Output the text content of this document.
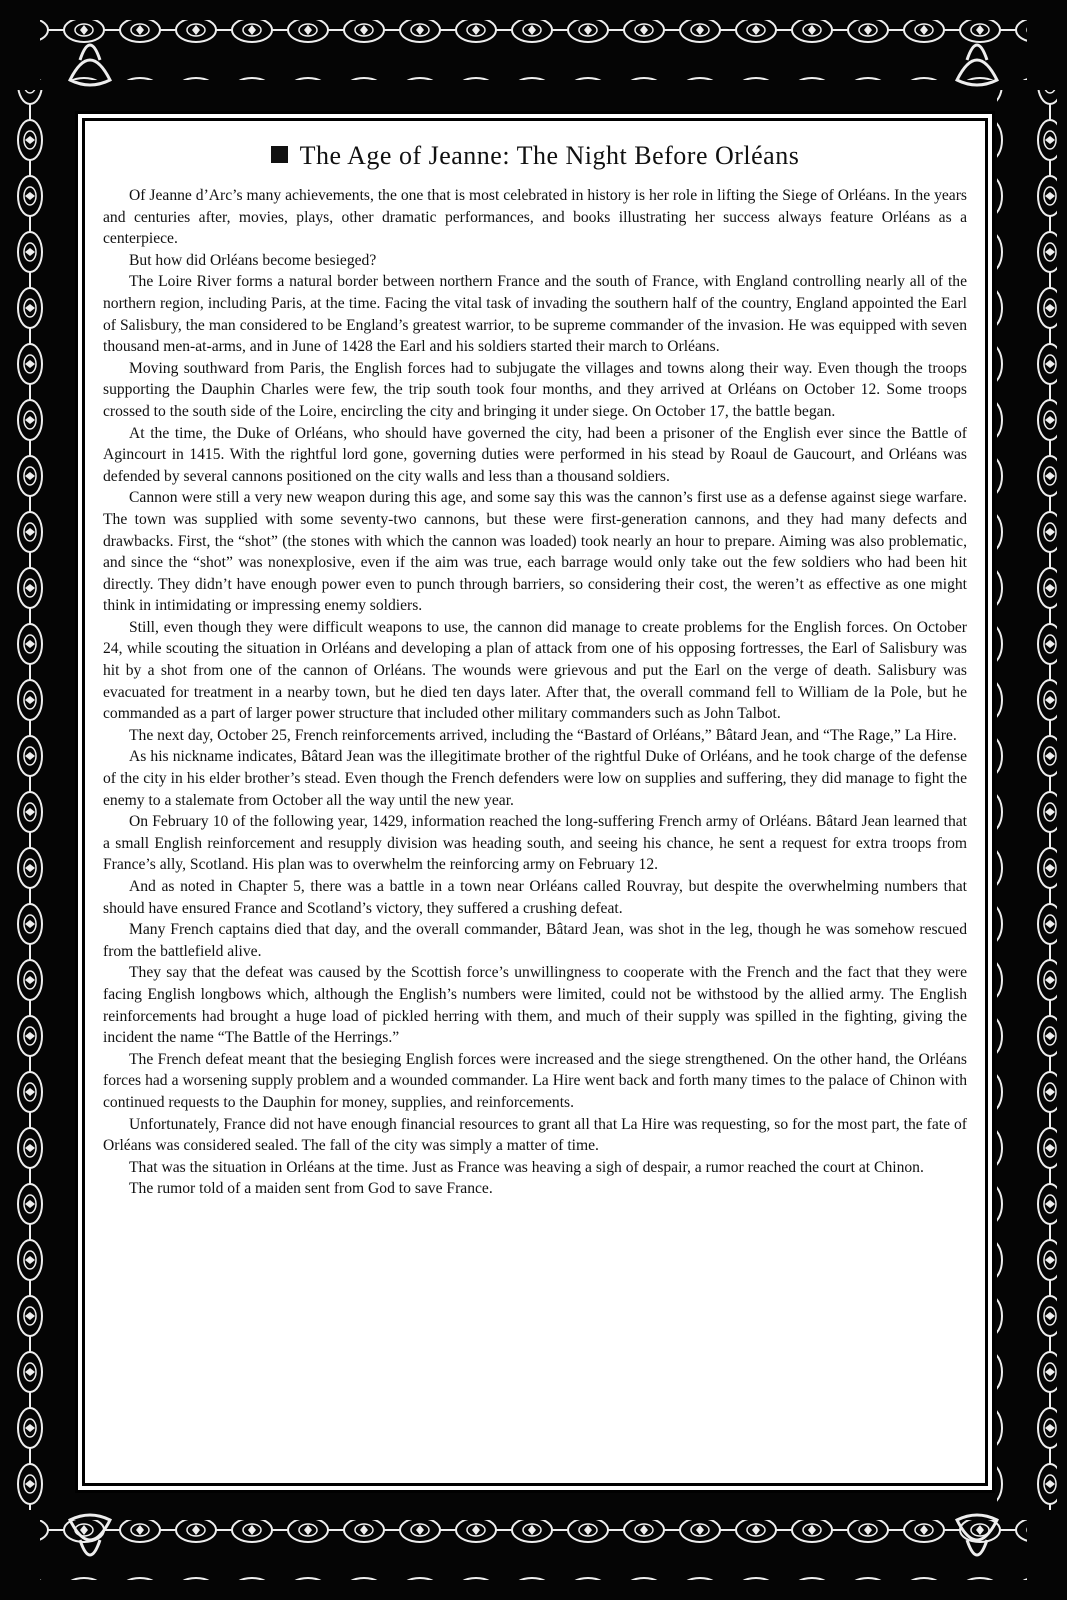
The Age of Jeanne: The Night Before Orléans

Of Jeanne d’Arc’s many achievements, the one that is most celebrated in history is her role in lifting the Siege of Orléans. In the years and centuries after, movies, plays, other dramatic performances, and books illustrating her success always feature Orléans as a centerpiece.

But how did Orléans become besieged?

The Loire River forms a natural border between northern France and the south of France, with England controlling nearly all of the northern region, including Paris, at the time. Facing the vital task of invading the southern half of the country, England appointed the Earl of Salisbury, the man considered to be England’s greatest warrior, to be supreme commander of the invasion. He was equipped with seven thousand men-at-arms, and in June of 1428 the Earl and his soldiers started their march to Orléans.

Moving southward from Paris, the English forces had to subjugate the villages and towns along their way. Even though the troops supporting the Dauphin Charles were few, the trip south took four months, and they arrived at Orléans on October 12. Some troops crossed to the south side of the Loire, encircling the city and bringing it under siege. On October 17, the battle began.

At the time, the Duke of Orléans, who should have governed the city, had been a prisoner of the English ever since the Battle of Agincourt in 1415. With the rightful lord gone, governing duties were performed in his stead by Roaul de Gaucourt, and Orléans was defended by several cannons positioned on the city walls and less than a thousand soldiers.

Cannon were still a very new weapon during this age, and some say this was the cannon’s first use as a defense against siege warfare. The town was supplied with some seventy-two cannons, but these were first-generation cannons, and they had many defects and drawbacks. First, the “shot” (the stones with which the cannon was loaded) took nearly an hour to prepare. Aiming was also problematic, and since the “shot” was nonexplosive, even if the aim was true, each barrage would only take out the few soldiers who had been hit directly. They didn’t have enough power even to punch through barriers, so considering their cost, the weren’t as effective as one might think in intimidating or impressing enemy soldiers.

Still, even though they were difficult weapons to use, the cannon did manage to create problems for the English forces. On October 24, while scouting the situation in Orléans and developing a plan of attack from one of his opposing fortresses, the Earl of Salisbury was hit by a shot from one of the cannon of Orléans. The wounds were grievous and put the Earl on the verge of death. Salisbury was evacuated for treatment in a nearby town, but he died ten days later. After that, the overall command fell to William de la Pole, but he commanded as a part of larger power structure that included other military commanders such as John Talbot.

The next day, October 25, French reinforcements arrived, including the “Bastard of Orléans,” Bâtard Jean, and “The Rage,” La Hire.

As his nickname indicates, Bâtard Jean was the illegitimate brother of the rightful Duke of Orléans, and he took charge of the defense of the city in his elder brother’s stead. Even though the French defenders were low on supplies and suffering, they did manage to fight the enemy to a stalemate from October all the way until the new year.

On February 10 of the following year, 1429, information reached the long-suffering French army of Orléans. Bâtard Jean learned that a small English reinforcement and resupply division was heading south, and seeing his chance, he sent a request for extra troops from France’s ally, Scotland. His plan was to overwhelm the reinforcing army on February 12.

And as noted in Chapter 5, there was a battle in a town near Orléans called Rouvray, but despite the overwhelming numbers that should have ensured France and Scotland’s victory, they suffered a crushing defeat.

Many French captains died that day, and the overall commander, Bâtard Jean, was shot in the leg, though he was somehow rescued from the battlefield alive.

They say that the defeat was caused by the Scottish force’s unwillingness to cooperate with the French and the fact that they were facing English longbows which, although the English’s numbers were limited, could not be withstood by the allied army. The English reinforcements had brought a huge load of pickled herring with them, and much of their supply was spilled in the fighting, giving the incident the name “The Battle of the Herrings.”

The French defeat meant that the besieging English forces were increased and the siege strengthened. On the other hand, the Orléans forces had a worsening supply problem and a wounded commander. La Hire went back and forth many times to the palace of Chinon with continued requests to the Dauphin for money, supplies, and reinforcements.

Unfortunately, France did not have enough financial resources to grant all that La Hire was requesting, so for the most part, the fate of Orléans was considered sealed. The fall of the city was simply a matter of time.

That was the situation in Orléans at the time. Just as France was heaving a sigh of despair, a rumor reached the court at Chinon.

The rumor told of a maiden sent from God to save France.
